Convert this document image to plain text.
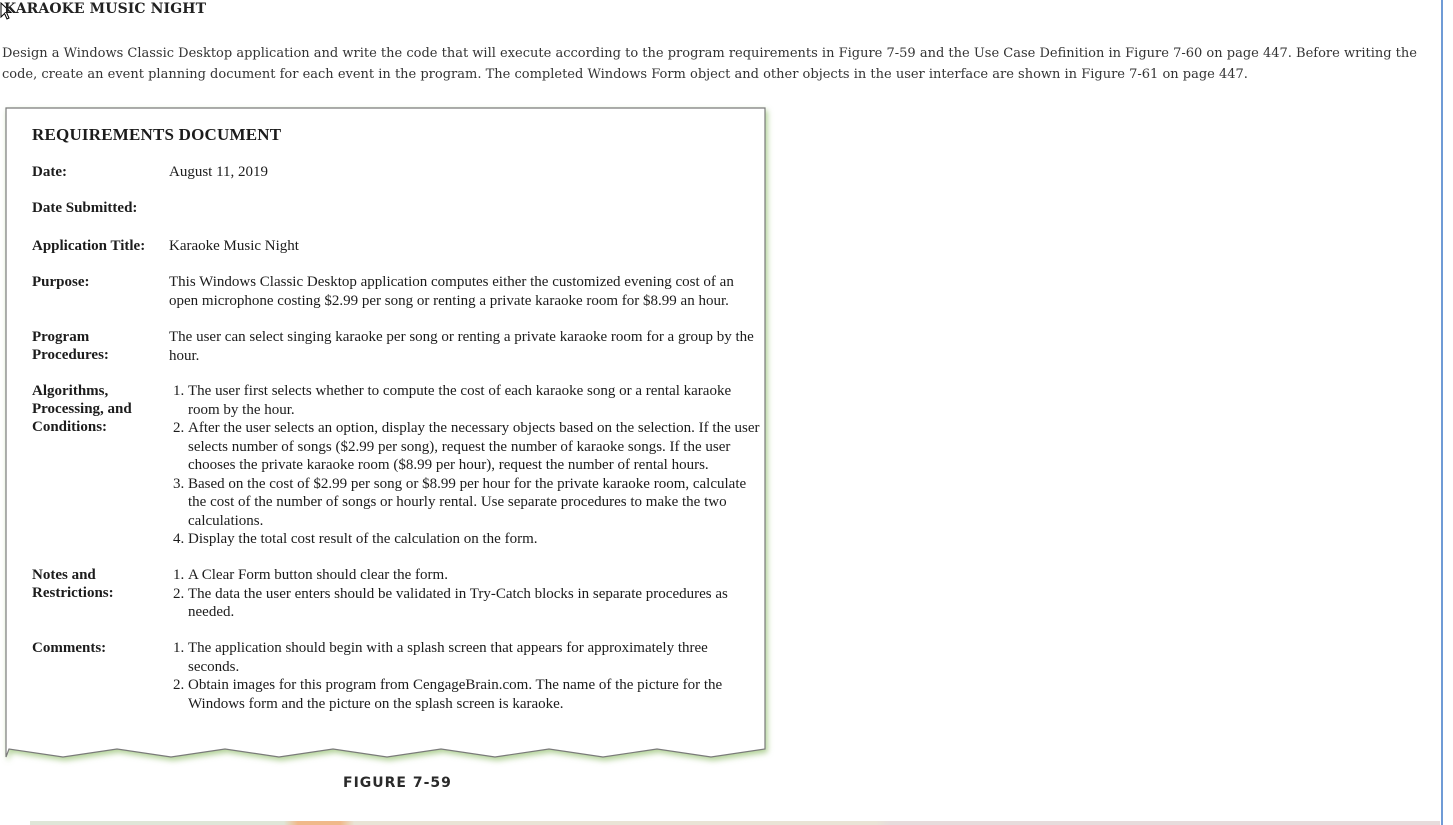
KARAOKE MUSIC NIGHT

Design a Windows Classic Desktop application and write the code that will execute according to the program requirements in Figure 7-59 and the Use Case Definition in Figure 7-60 on page 447. Before writing the code, create an event planning document for each event in the program. The completed Windows Form object and other objects in the user interface are shown in Figure 7-61 on page 447.

REQUIREMENTS DOCUMENT
Date:	August 11, 2019
Date Submitted:
Application Title: Karaoke Music Night
Purpose:	This Windows Classic Desktop application computes either the customized evening cost of an open microphone costing $2.99 per song or renting a private karaoke room for $8.99 an hour.
Program Procedures:
The user can select singing karaoke per song or renting a private karaoke room for a group by the hour.
Algorithms, Processing, and Conditions:
1. The user first selects whether to compute the cost of each karaoke song or a rental karaoke room by the hour.
2. After the user selects an option, display the necessary objects based on the selection. If the user selects number of songs ($2.99 per song), request the number of karaoke songs. If the user chooses the private karaoke room ($8.99 per hour), request the number of rental hours.
3. Based on the cost of $2.99 per song or $8.99 per hour for the private karaoke room, calculate the cost of the number of songs or hourly rental. Use separate procedures to make the two calculations.
4. Display the total cost result of the calculation on the form.
Notes and Restrictions:
1. A Clear Form button should clear the form.
2. The data the user enters should be validated in Try-Catch blocks in separate procedures as needed.
Comments:
1.	The application should begin with a splash screen that appears for approximately three seconds.
2. Obtain images for this program from CengageBrain.com. The name of the picture for the Windows form and the picture on the splash screen is karaoke.

FIGURE 7-59
